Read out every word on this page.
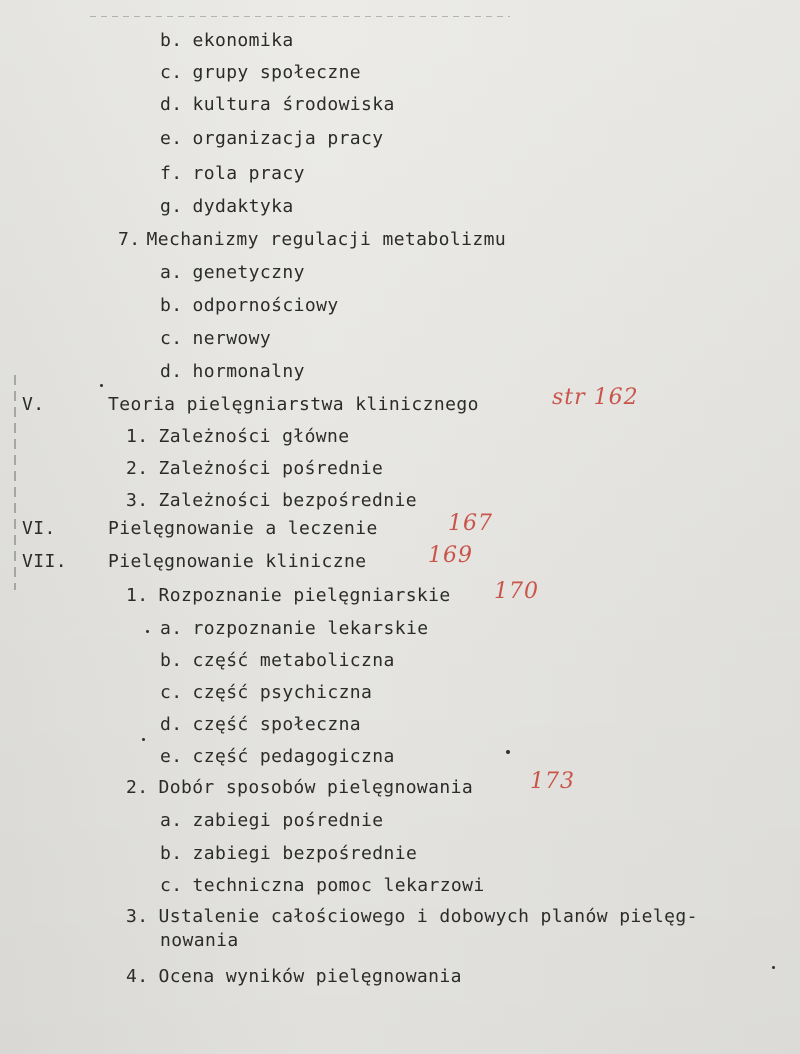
b. ekonomika
c. grupy społeczne
d. kultura środowiska
e. organizacja pracy
f. rola pracy
g. dydaktyka
7. Mechanizmy regulacji metabolizmu
a. genetyczny
b. odpornościowy
c. nerwowy
d. hormonalny
V.	Teoria pielęgniarstwa klinicznego	str 162
1. Zależności główne
2. Zależności pośrednie
3. Zależności bezpośrednie
VI.	Pielęgnowanie a leczenie	167
VII. Pielęgnowanie kliniczne	169
1. Rozpoznanie pielęgniarskie 170
a. rozpoznanie lekarskie
b. część metaboliczna
c. część psychiczna
d. część społeczna
e. część pedagogiczna
2. Dobór sposobów pielęgnowania	173
a. zabiegi pośrednie
b. zabiegi bezpośrednie
c. techniczna pomoc lekarzowi
3. Ustalenie całościowego i dobowych planów pielęg-
nowania
4. Ocena wyników pielęgnowania
